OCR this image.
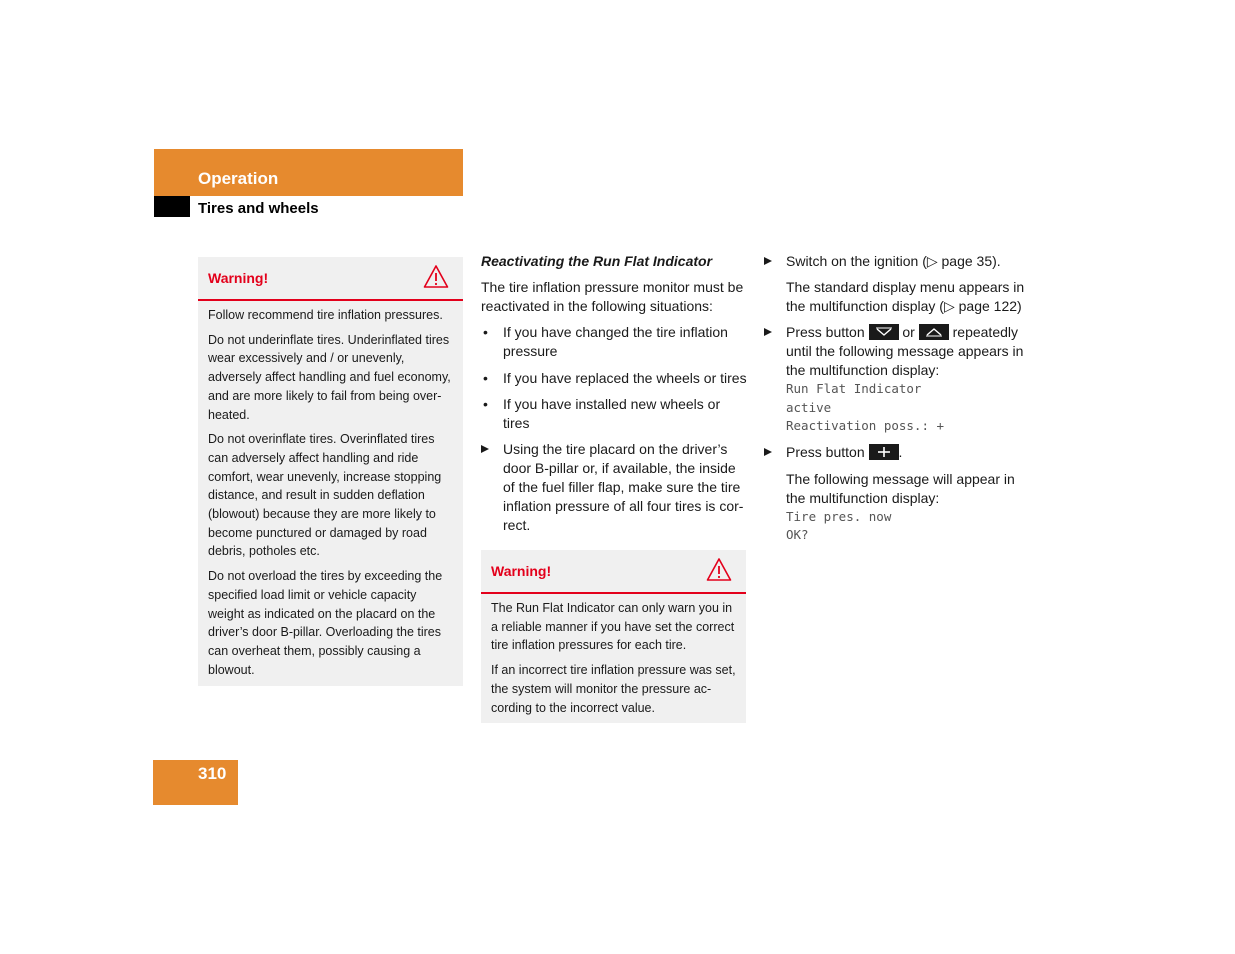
Operation
Tires and wheels
Warning!

Follow recommend tire inflation pressures.

Do not underinflate tires. Underinflated tires wear excessively and / or unevenly, adversely affect handling and fuel economy, and are more likely to fail from being over-heated.

Do not overinflate tires. Overinflated tires can adversely affect handling and ride comfort, wear unevenly, increase stopping distance, and result in sudden deflation (blowout) because they are more likely to become punctured or damaged by road debris, potholes etc.

Do not overload the tires by exceeding the specified load limit or vehicle capacity weight as indicated on the placard on the driver’s door B-pillar. Overloading the tires can overheat them, possibly causing a blowout.

Reactivating the Run Flat Indicator

The tire inflation pressure monitor must be reactivated in the following situations:

• If you have changed the tire inflation pressure
• If you have replaced the wheels or tires
• If you have installed new wheels or tires
Using the tire placard on the driver’s door B-pillar or, if available, the inside of the fuel filler flap, make sure the tire inflation pressure of all four tires is cor-rect.
Warning!

The Run Flat Indicator can only warn you in a reliable manner if you have set the correct tire inflation pressures for each tire.

If an incorrect tire inflation pressure was set, the system will monitor the pressure ac-cording to the incorrect value.

Switch on the ignition (▷ page 35).

The standard display menu appears in the multifunction display (▷ page 122)

Press button	or	repeatedly until the following message appears in the multifunction display:
Run Flat Indicator
active
Reactivation poss.: +
Press button .

The following message will appear in the multifunction display:

Tire pres. now
OK?
310
